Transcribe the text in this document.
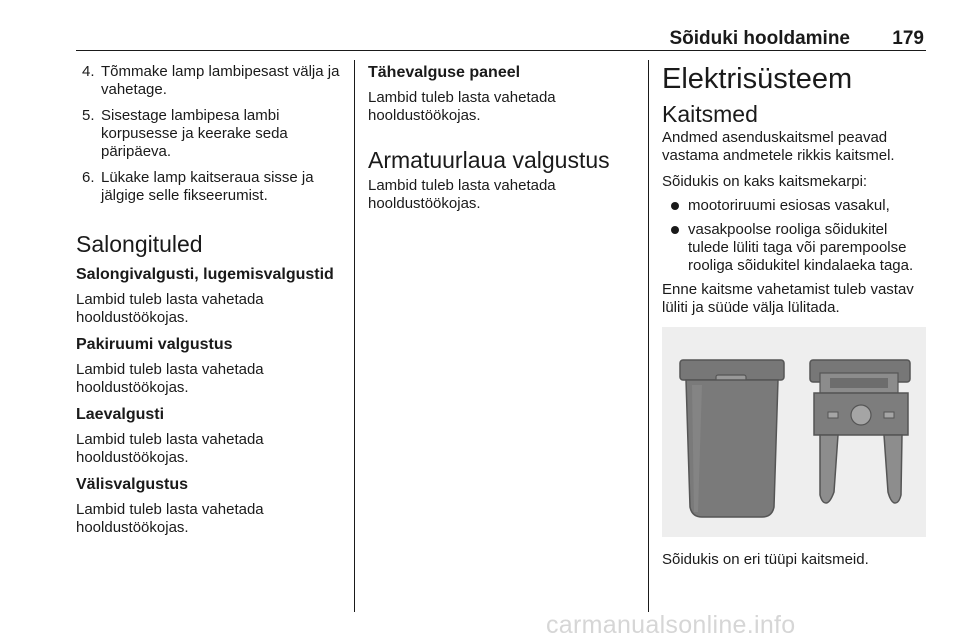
Sõiduki hooldamine 179
4. Tõmmake lamp lambipesast välja ja vahetage.
5. Sisestage lambipesa lambi korpusesse ja keerake seda päripäeva.
6. Lükake lamp kaitseraua sisse ja jälgige selle fikseerumist.
Salongituled
Salongivalgusti, lugemisvalgustid

Lambid tuleb lasta vahetada hooldustöökojas.

Pakiruumi valgustus

Lambid tuleb lasta vahetada hooldustöökojas.

Laevalgusti

Lambid tuleb lasta vahetada hooldustöökojas.

Välisvalgustus

Lambid tuleb lasta vahetada hooldustöökojas.

Tähevalguse paneel

Lambid tuleb lasta vahetada hooldustöökojas.

Armatuurlaua valgustus

Lambid tuleb lasta vahetada hooldustöökojas.

Elektrisüsteem
Kaitsmed

Andmed asenduskaitsmel peavad vastama andmetele rikkis kaitsmel.

Sõidukis on kaks kaitsmekarpi:

mootoriruumi esiosas vasakul,
vasakpoolse rooliga sõidukitel tulede lüliti taga või parempoolse rooliga sõidukitel kindalaeka taga.

Enne kaitsme vahetamist tuleb vastav lüliti ja süüde välja lülitada.

Sõidukis on eri tüüpi kaitsmeid.

carmanualsonline.info
